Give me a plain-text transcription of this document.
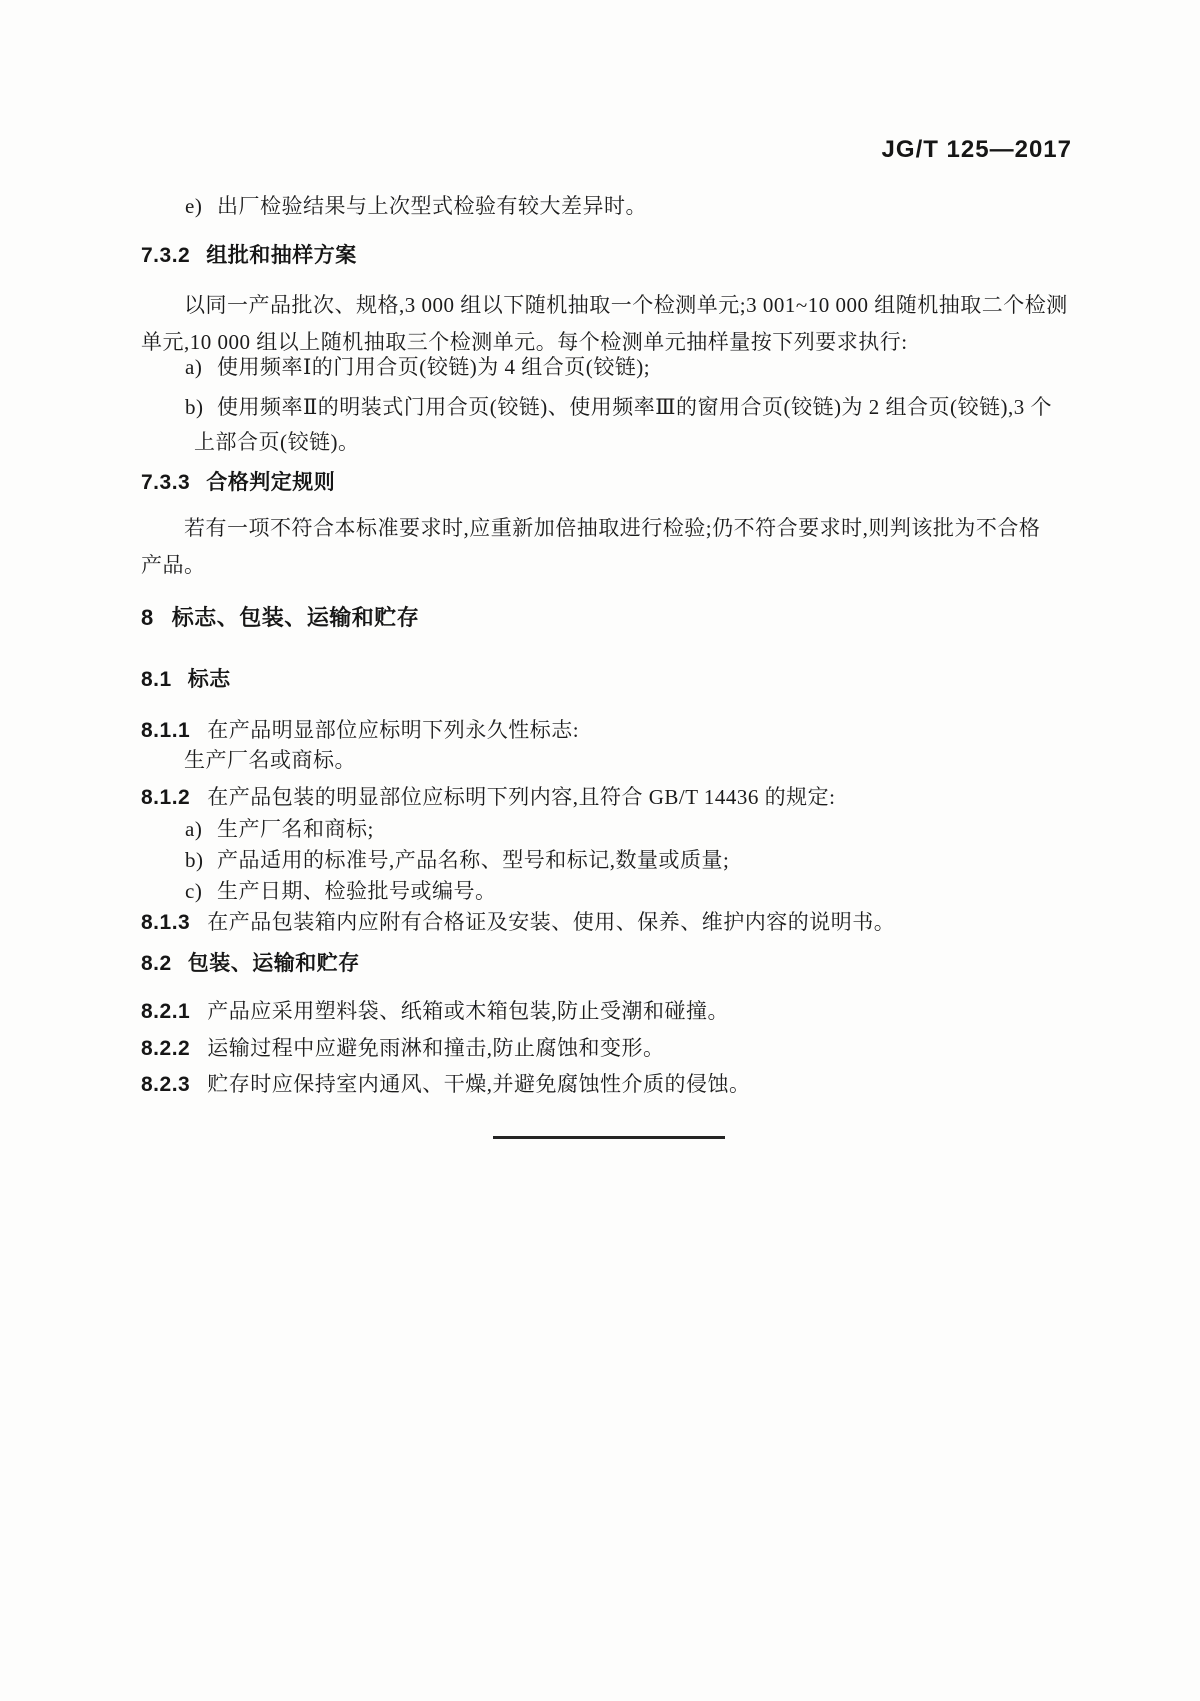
JG/T 125—2017
e) 出厂检验结果与上次型式检验有较大差异时。
7.3.2 组批和抽样方案
以同一产品批次、规格,3 000 组以下随机抽取一个检测单元;3 001~10 000 组随机抽取二个检测
单元,10 000 组以上随机抽取三个检测单元。每个检测单元抽样量按下列要求执行:
a) 使用频率Ⅰ的门用合页(铰链)为 4 组合页(铰链);
b) 使用频率Ⅱ的明装式门用合页(铰链)、使用频率Ⅲ的窗用合页(铰链)为 2 组合页(铰链),3 个
上部合页(铰链)。
7.3.3 合格判定规则
若有一项不符合本标准要求时,应重新加倍抽取进行检验;仍不符合要求时,则判该批为不合格
产品。
8 标志、包装、运输和贮存
8.1 标志
8.1.1 在产品明显部位应标明下列永久性标志:
生产厂名或商标。
8.1.2 在产品包装的明显部位应标明下列内容,且符合 GB/T 14436 的规定:
a) 生产厂名和商标;
b) 产品适用的标准号,产品名称、型号和标记,数量或质量;
c) 生产日期、检验批号或编号。
8.1.3 在产品包装箱内应附有合格证及安装、使用、保养、维护内容的说明书。
8.2 包装、运输和贮存
8.2.1 产品应采用塑料袋、纸箱或木箱包装,防止受潮和碰撞。
8.2.2 运输过程中应避免雨淋和撞击,防止腐蚀和变形。
8.2.3 贮存时应保持室内通风、干燥,并避免腐蚀性介质的侵蚀。
